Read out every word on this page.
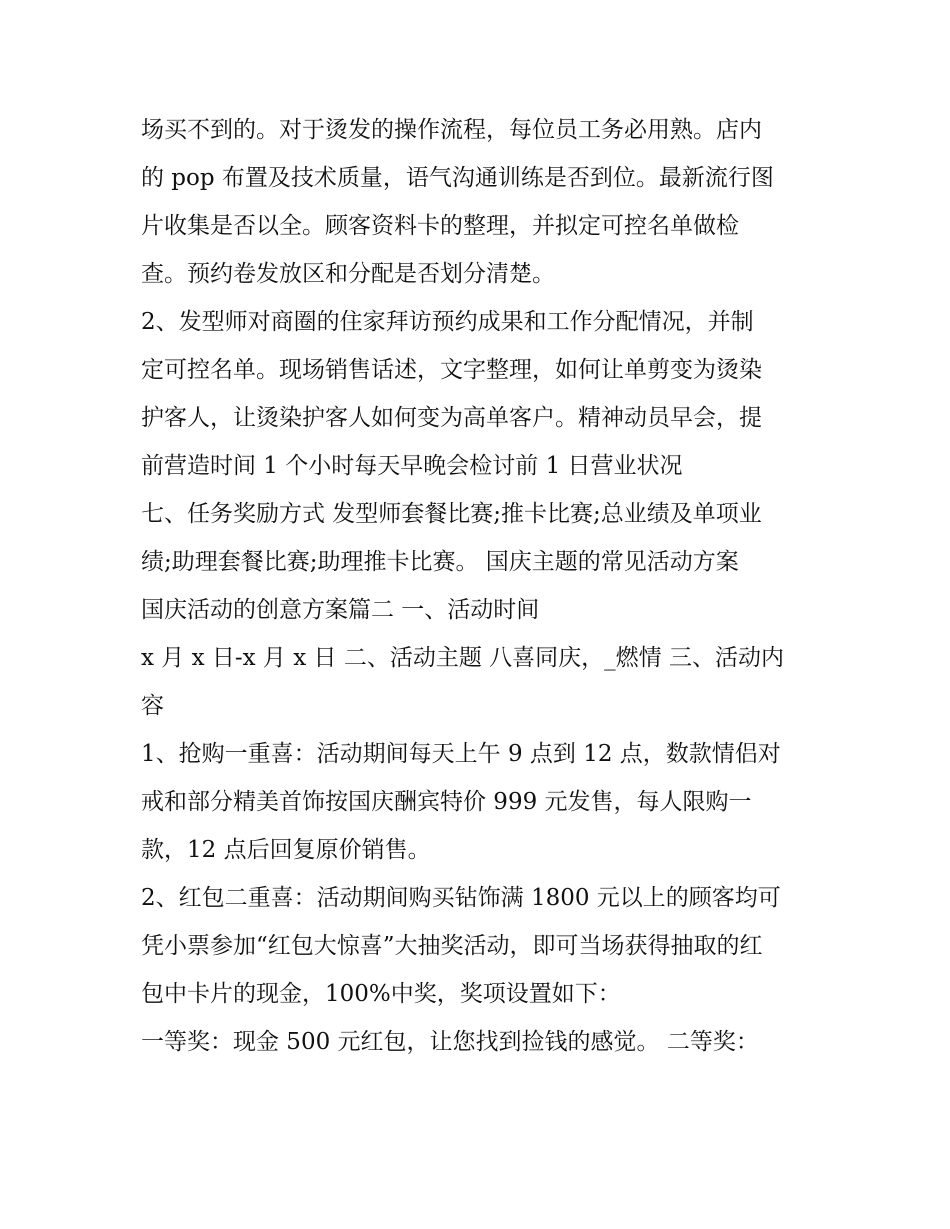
场买不到的。对于烫发的操作流程，每位员工务必用熟。店内
的 pop 布置及技术质量，语气沟通训练是否到位。最新流行图
片收集是否以全。顾客资料卡的整理，并拟定可控名单做检
查。预约卷发放区和分配是否划分清楚。
2、发型师对商圈的住家拜访预约成果和工作分配情况，并制
定可控名单。现场销售话述，文字整理，如何让单剪变为烫染
护客人，让烫染护客人如何变为高单客户。精神动员早会，提
前营造时间 1 个小时每天早晚会检讨前 1 日营业状况
七、任务奖励方式 发型师套餐比赛;推卡比赛;总业绩及单项业
绩;助理套餐比赛;助理推卡比赛。 国庆主题的常见活动方案
国庆活动的创意方案篇二 一、活动时间
x 月 x 日-x 月 x 日 二、活动主题 八喜同庆，_燃情 三、活动内
容
1、抢购一重喜：活动期间每天上午 9 点到 12 点，数款情侣对
戒和部分精美首饰按国庆酬宾特价 999 元发售，每人限购一
款，12 点后回复原价销售。
2、红包二重喜：活动期间购买钻饰满 1800 元以上的顾客均可
凭小票参加“红包大惊喜”大抽奖活动，即可当场获得抽取的红
包中卡片的现金，100%中奖，奖项设置如下：
一等奖：现金 500 元红包，让您找到捡钱的感觉。 二等奖：
